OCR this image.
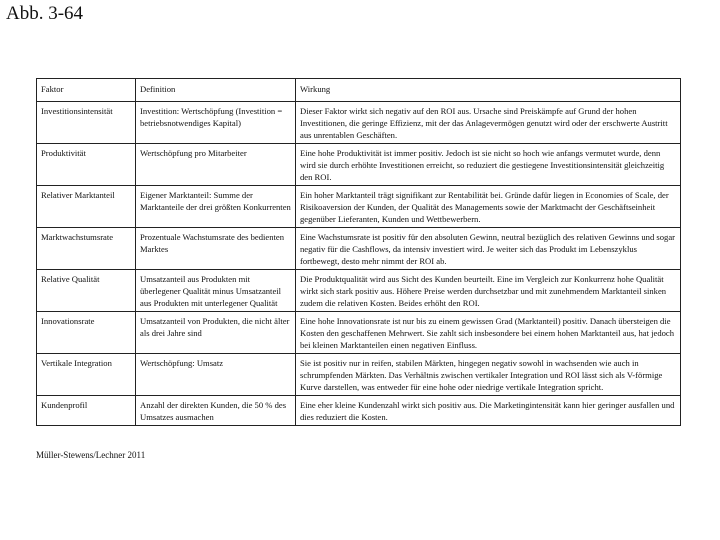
Abb. 3-64
Faktor	Definition	Wirkung
Investitionsintensität	Investition: Wertschöpfung (Investition = betriebsnotwendiges Kapital)	Dieser Faktor wirkt sich negativ auf den ROI aus. Ursache sind Preiskämpfe auf Grund der hohen Investitionen, die geringe Effizienz, mit der das Anlagevermögen genutzt wird oder der erschwerte Austritt aus unrentablen Geschäften.
Produktivität	Wertschöpfung pro Mitarbeiter	Eine hohe Produktivität ist immer positiv. Jedoch ist sie nicht so hoch wie anfangs vermutet wurde, denn wird sie durch erhöhte Investitionen erreicht, so reduziert die gestiegene Investitionsintensität gleichzeitig den ROI.
Relativer Marktanteil	Eigener Marktanteil: Summe der Marktanteile der drei größten Konkurrenten	Ein hoher Marktanteil trägt signifikant zur Rentabilität bei. Gründe dafür liegen in Economies of Scale, der Risikoaversion der Kunden, der Qualität des Managements sowie der Marktmacht der Geschäftseinheit gegenüber Lieferanten, Kunden und Wettbewerbern.
Marktwachstumsrate	Prozentuale Wachstumsrate des bedienten Marktes	Eine Wachstumsrate ist positiv für den absoluten Gewinn, neutral bezüglich des relativen Gewinns und sogar negativ für die Cashflows, da intensiv investiert wird. Je weiter sich das Produkt im Lebenszyklus fortbewegt, desto mehr nimmt der ROI ab.
Relative Qualität	Umsatzanteil aus Produkten mit überlegener Qualität minus Umsatzanteil aus Produkten mit unterlegener Qualität	Die Produktqualität wird aus Sicht des Kunden beurteilt. Eine im Vergleich zur Konkurrenz hohe Qualität wirkt sich stark positiv aus. Höhere Preise werden durchsetzbar und mit zunehmendem Marktanteil sinken zudem die relativen Kosten. Beides erhöht den ROI.
Innovationsrate	Umsatzanteil von Produkten, die nicht älter als drei Jahre sind	Eine hohe Innovationsrate ist nur bis zu einem gewissen Grad (Marktanteil) positiv. Danach übersteigen die Kosten den geschaffenen Mehrwert. Sie zahlt sich insbesondere bei einem hohen Marktanteil aus, hat jedoch bei kleinen Marktanteilen einen negativen Einfluss.
Vertikale Integration	Wertschöpfung: Umsatz	Sie ist positiv nur in reifen, stabilen Märkten, hingegen negativ sowohl in wachsenden wie auch in schrumpfenden Märkten. Das Verhältnis zwischen vertikaler Integration und ROI lässt sich als V-förmige Kurve darstellen, was entweder für eine hohe oder niedrige vertikale Integration spricht.
Kundenprofil	Anzahl der direkten Kunden, die 50 % des Umsatzes ausmachen	Eine eher kleine Kundenzahl wirkt sich positiv aus. Die Marketingintensität kann hier geringer ausfallen und dies reduziert die Kosten.
Müller-Stewens/Lechner 2011
